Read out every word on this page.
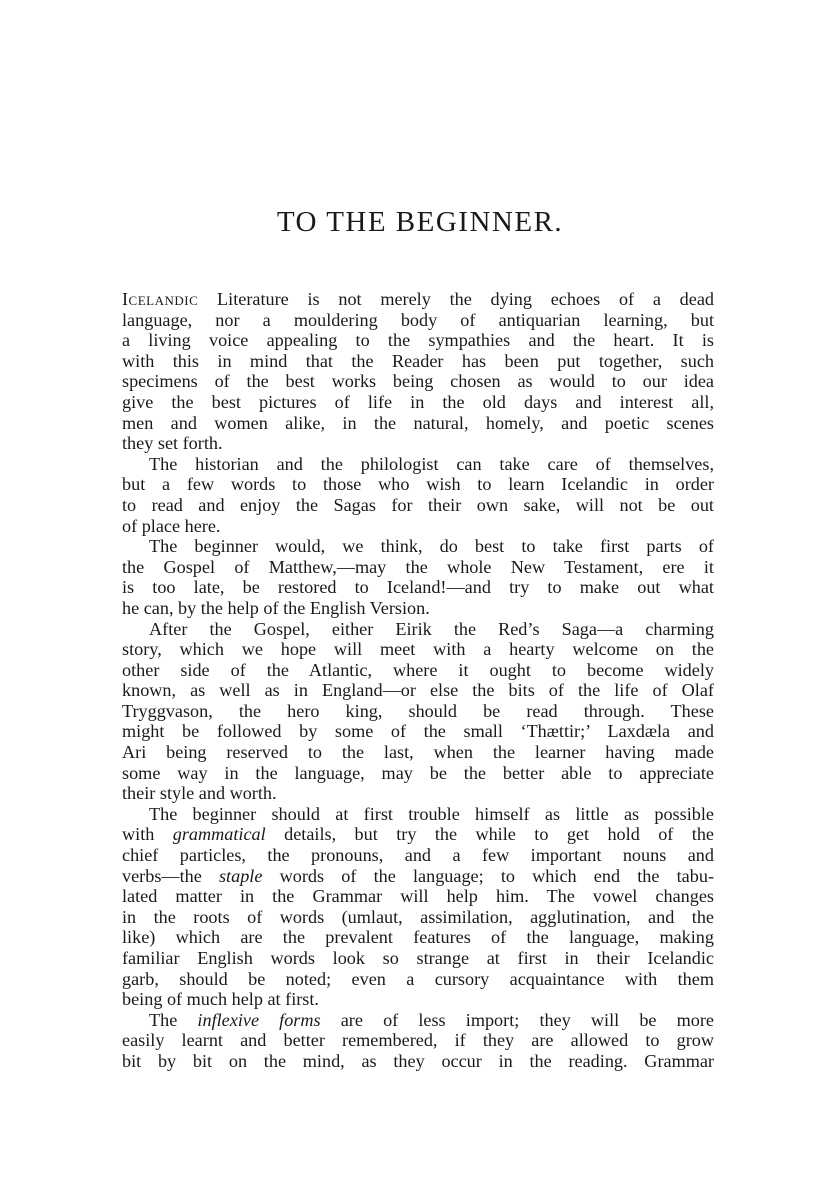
TO THE BEGINNER.
Icelandic Literature is not merely the dying echoes of a dead
language, nor a mouldering body of antiquarian learning, but
a living voice appealing to the sympathies and the heart. It is
with this in mind that the Reader has been put together, such
specimens of the best works being chosen as would to our idea
give the best pictures of life in the old days and interest all,
men and women alike, in the natural, homely, and poetic scenes
they set forth.
The historian and the philologist can take care of themselves,
but a few words to those who wish to learn Icelandic in order
to read and enjoy the Sagas for their own sake, will not be out
of place here.
The beginner would, we think, do best to take first parts of
the Gospel of Matthew,—may the whole New Testament, ere it
is too late, be restored to Iceland!—and try to make out what
he can, by the help of the English Version.
After the Gospel, either Eirik the Red’s Saga—a charming
story, which we hope will meet with a hearty welcome on the
other side of the Atlantic, where it ought to become widely
known, as well as in England—or else the bits of the life of Olaf
Tryggvason, the hero king, should be read through. These
might be followed by some of the small ‘Thættir;’ Laxdæla and
Ari being reserved to the last, when the learner having made
some way in the language, may be the better able to appreciate
their style and worth.
The beginner should at first trouble himself as little as possible
with grammatical details, but try the while to get hold of the
chief particles, the pronouns, and a few important nouns and
verbs—the staple words of the language; to which end the tabu-
lated matter in the Grammar will help him. The vowel changes
in the roots of words (umlaut, assimilation, agglutination, and the
like) which are the prevalent features of the language, making
familiar English words look so strange at first in their Icelandic
garb, should be noted; even a cursory acquaintance with them
being of much help at first.
The inflexive forms are of less import; they will be more
easily learnt and better remembered, if they are allowed to grow
bit by bit on the mind, as they occur in the reading. Grammar
